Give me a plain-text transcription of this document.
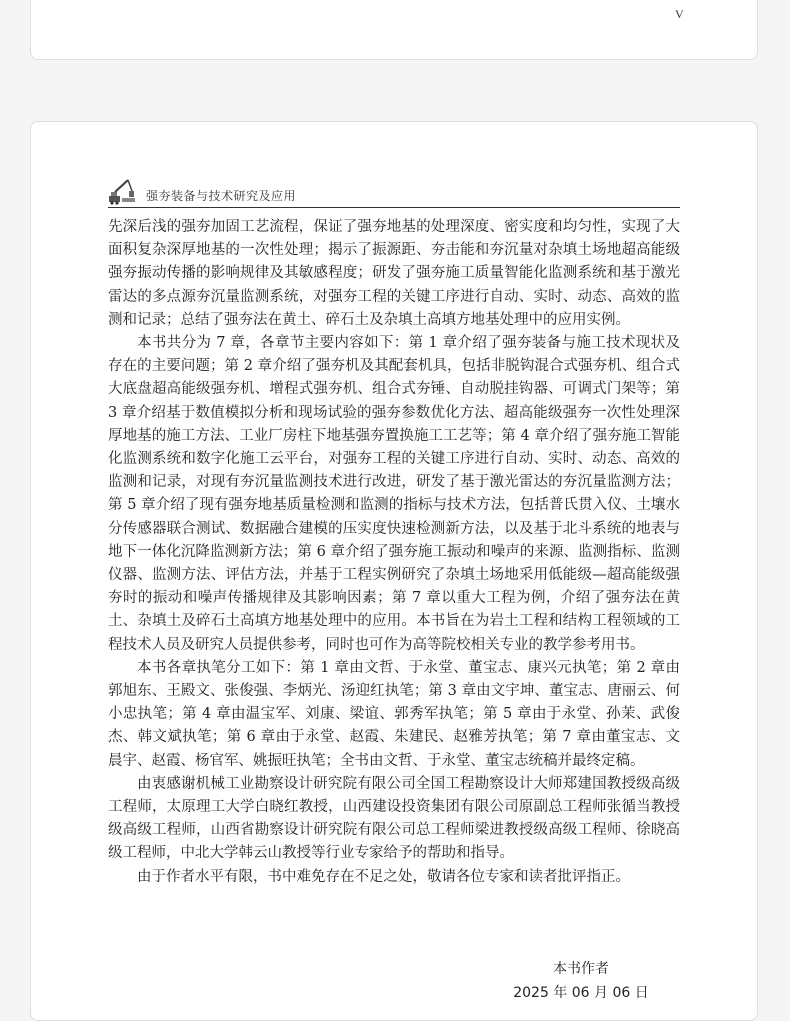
V
强夯装备与技术研究及应用

先深后浅的强夯加固工艺流程，保证了强夯地基的处理深度、密实度和均匀性，实现了大面积复杂深厚地基的一次性处理；揭示了振源距、夯击能和夯沉量对杂填土场地超高能级强夯振动传播的影响规律及其敏感程度；研发了强夯施工质量智能化监测系统和基于激光雷达的多点源夯沉量监测系统，对强夯工程的关键工序进行自动、实时、动态、高效的监测和记录；总结了强夯法在黄土、碎石土及杂填土高填方地基处理中的应用实例。

本书共分为 7 章，各章节主要内容如下：第 1 章介绍了强夯装备与施工技术现状及存在的主要问题；第 2 章介绍了强夯机及其配套机具，包括非脱钩混合式强夯机、组合式大底盘超高能级强夯机、增程式强夯机、组合式夯锤、自动脱挂钩器、可调式门架等；第 3 章介绍基于数值模拟分析和现场试验的强夯参数优化方法、超高能级强夯一次性处理深厚地基的施工方法、工业厂房柱下地基强夯置换施工工艺等；第 4 章介绍了强夯施工智能化监测系统和数字化施工云平台，对强夯工程的关键工序进行自动、实时、动态、高效的监测和记录，对现有夯沉量监测技术进行改进，研发了基于激光雷达的夯沉量监测方法；第 5 章介绍了现有强夯地基质量检测和监测的指标与技术方法，包括普氏贯入仪、土壤水分传感器联合测试、数据融合建模的压实度快速检测新方法，以及基于北斗系统的地表与地下一体化沉降监测新方法；第 6 章介绍了强夯施工振动和噪声的来源、监测指标、监测仪器、监测方法、评估方法，并基于工程实例研究了杂填土场地采用低能级—超高能级强夯时的振动和噪声传播规律及其影响因素；第 7 章以重大工程为例，介绍了强夯法在黄土、杂填土及碎石土高填方地基处理中的应用。本书旨在为岩土工程和结构工程领域的工程技术人员及研究人员提供参考，同时也可作为高等院校相关专业的教学参考用书。

本书各章执笔分工如下：第 1 章由文哲、于永堂、董宝志、康兴元执笔；第 2 章由郭旭东、王殿文、张俊强、李炳光、汤迎红执笔；第 3 章由文宇坤、董宝志、唐丽云、何小忠执笔；第 4 章由温宝军、刘康、梁谊、郭秀军执笔；第 5 章由于永堂、孙茉、武俊杰、韩文斌执笔；第 6 章由于永堂、赵霞、朱建民、赵雅芳执笔；第 7 章由董宝志、文晨宇、赵霞、杨官军、姚振旺执笔；全书由文哲、于永堂、董宝志统稿并最终定稿。

由衷感谢机械工业勘察设计研究院有限公司全国工程勘察设计大师郑建国教授级高级工程师，太原理工大学白晓红教授，山西建设投资集团有限公司原副总工程师张循当教授级高级工程师，山西省勘察设计研究院有限公司总工程师梁进教授级高级工程师、徐晓高级工程师，中北大学韩云山教授等行业专家给予的帮助和指导。

由于作者水平有限，书中难免存在不足之处，敬请各位专家和读者批评指正。

本书作者
2025 年 06 月 06 日
